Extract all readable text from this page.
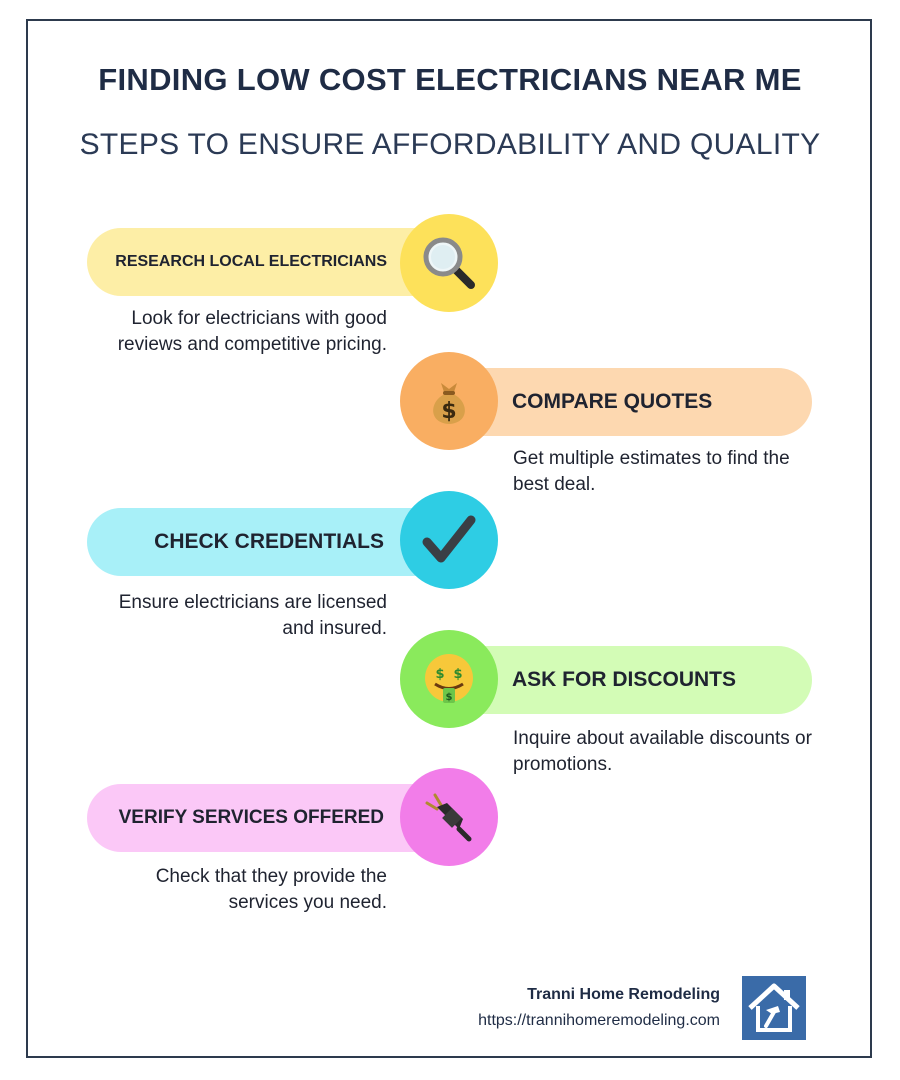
FINDING LOW COST ELECTRICIANS NEAR ME
STEPS TO ENSURE AFFORDABILITY AND QUALITY
RESEARCH LOCAL ELECTRICIANS
Look for electricians with good reviews and competitive pricing.
COMPARE QUOTES
$
Get multiple estimates to find the best deal.
CHECK CREDENTIALS
Ensure electricians are licensed and insured.
ASK FOR DISCOUNTS
$ $
$
Inquire about available discounts or promotions.
VERIFY SERVICES OFFERED
Check that they provide the services you need.
Tranni Home Remodeling
https://trannihomeremodeling.com
